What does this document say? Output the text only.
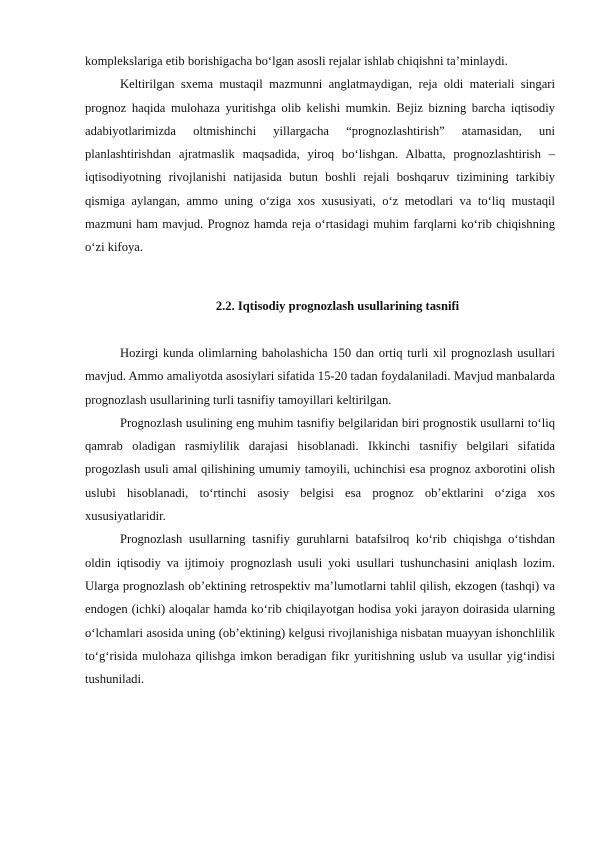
komplekslariga etib borishigacha bo‘lgan asosli rejalar ishlab chiqishni ta’minlaydi.

Keltirilgan sxema mustaqil mazmunni anglatmaydigan, reja oldi materiali singari prognoz haqida mulohaza yuritishga olib kelishi mumkin. Bejiz bizning barcha iqtisodiy adabiyotlarimizda oltmishinchi yillargacha “prognozlashtirish” atamasidan, uni planlashtirishdan ajratmaslik maqsadida, yiroq bo‘lishgan. Albatta, prognozlashtirish – iqtisodiyotning rivojlanishi natijasida butun boshli rejali boshqaruv tizimining tarkibiy qismiga aylangan, ammo uning o‘ziga xos xususiyati, o‘z metodlari va to‘liq mustaqil mazmuni ham mavjud. Prognoz hamda reja o‘rtasidagi muhim farqlarni ko‘rib chiqishning o‘zi kifoya.

2.2. Iqtisodiy prognozlash usullarining tasnifi

Hozirgi kunda olimlarning baholashicha 150 dan ortiq turli xil prognozlash usullari mavjud. Ammo amaliyotda asosiylari sifatida 15-20 tadan foydalaniladi. Mavjud manbalarda prognozlash usullarining turli tasnifiy tamoyillari keltirilgan.

Prognozlash usulining eng muhim tasnifiy belgilaridan biri prognostik usullarni to‘liq qamrab oladigan rasmiylilik darajasi hisoblanadi. Ikkinchi tasnifiy belgilari sifatida progozlash usuli amal qilishining umumiy tamoyili, uchinchisi esa prognoz axborotini olish uslubi hisoblanadi, to‘rtinchi asosiy belgisi esa prognoz ob’ektlarini o‘ziga xos xususiyatlaridir.

Prognozlash usullarning tasnifiy guruhlarni batafsilroq ko‘rib chiqishga o‘tishdan oldin iqtisodiy va ijtimoiy prognozlash usuli yoki usullari tushunchasini aniqlash lozim. Ularga prognozlash ob’ektining retrospektiv ma’lumotlarni tahlil qilish, ekzogen (tashqi) va endogen (ichki) aloqalar hamda ko‘rib chiqilayotgan hodisa yoki jarayon doirasida ularning o‘lchamlari asosida uning (ob’ektining) kelgusi rivojlanishiga nisbatan muayyan ishonchlilik to‘g‘risida mulohaza qilishga imkon beradigan fikr yuritishning uslub va usullar yig‘indisi tushuniladi.
